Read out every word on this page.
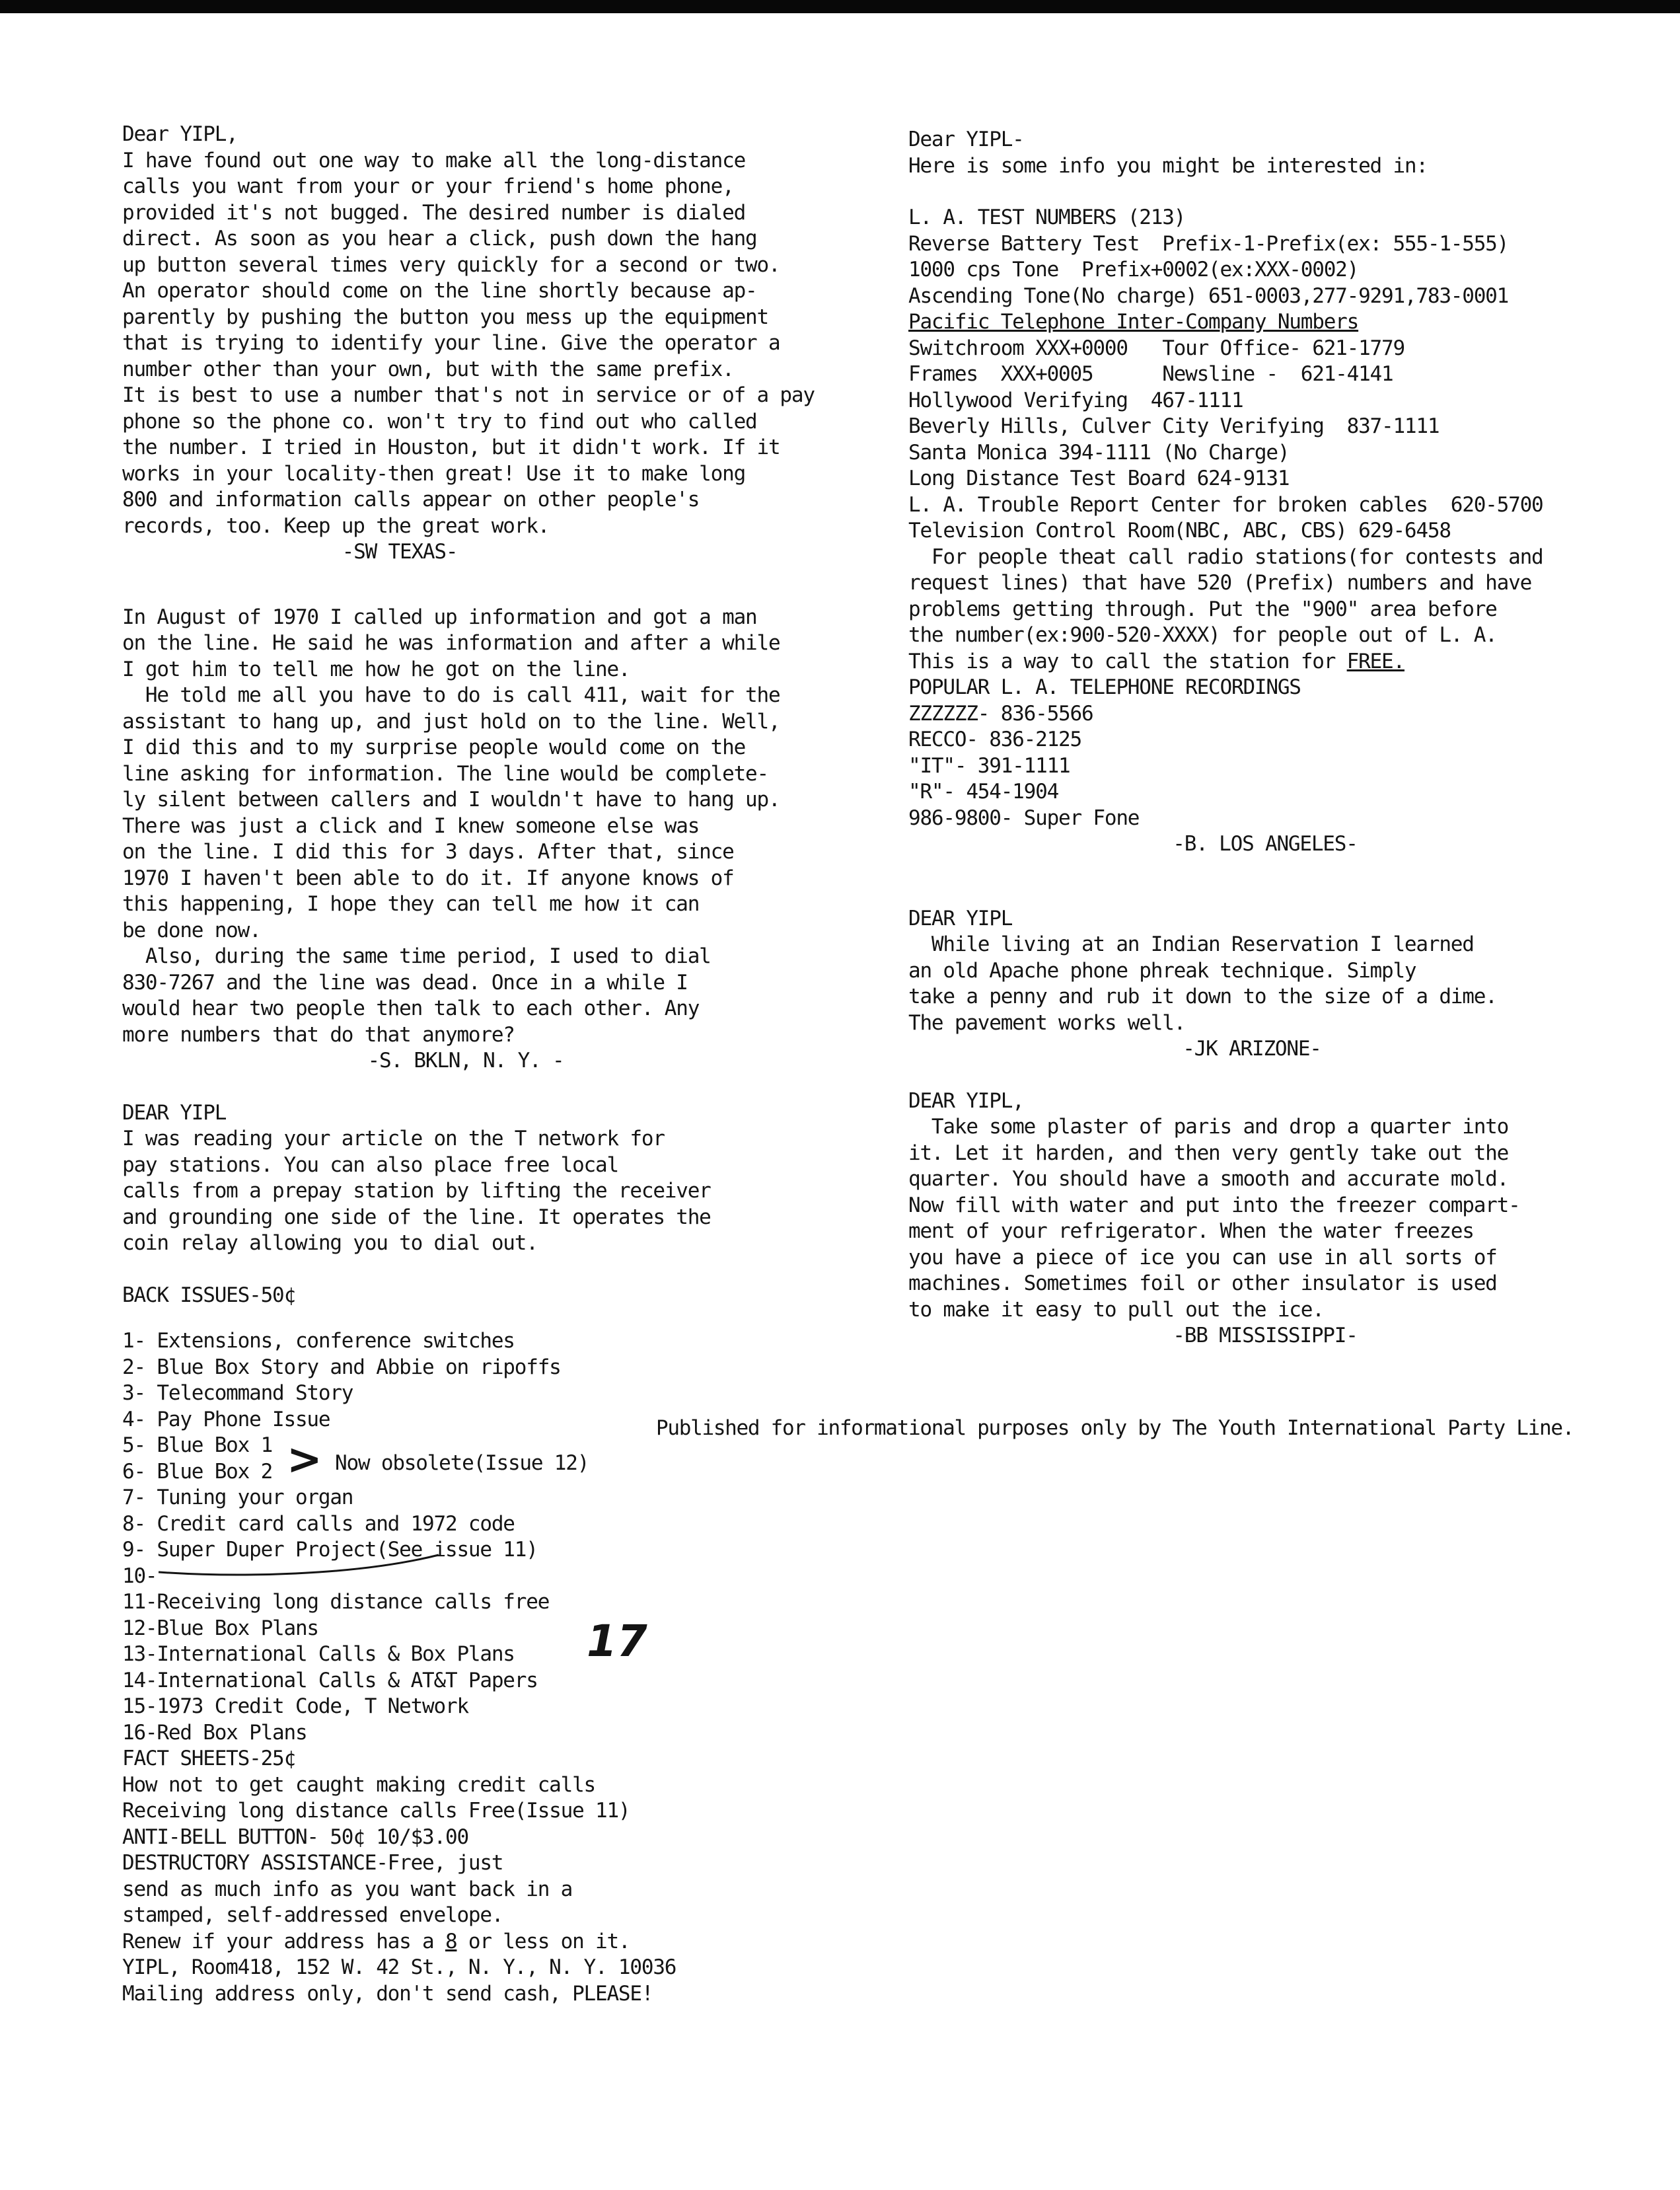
Dear YIPL,
I have found out one way to make all the long-distance
calls you want from your or your friend's home phone,
provided it's not bugged. The desired number is dialed
direct. As soon as you hear a click, push down the hang
up button several times very quickly for a second or two.
An operator should come on the line shortly because ap-
parently by pushing the button you mess up the equipment
that is trying to identify your line. Give the operator a
number other than your own, but with the same prefix.
It is best to use a number that's not in service or of a pay
phone so the phone co. won't try to find out who called
the number. I tried in Houston, but it didn't work. If it
works in your locality-then great! Use it to make long
800 and information calls appear on other people's
records, too. Keep up the great work.
-SW TEXAS-
In August of 1970 I called up information and got a man
on the line. He said he was information and after a while
I got him to tell me how he got on the line.
He told me all you have to do is call 411, wait for the
assistant to hang up, and just hold on to the line. Well,
I did this and to my surprise people would come on the
line asking for information. The line would be complete-
ly silent between callers and I wouldn't have to hang up.
There was just a click and I knew someone else was
on the line. I did this for 3 days. After that, since
1970 I haven't been able to do it. If anyone knows of
this happening, I hope they can tell me how it can
be done now.
Also, during the same time period, I used to dial
830-7267 and the line was dead. Once in a while I
would hear two people then talk to each other. Any
more numbers that do that anymore?
-S. BKLN, N. Y. -
DEAR YIPL
I was reading your article on the T network for
pay stations. You can also place free local
calls from a prepay station by lifting the receiver
and grounding one side of the line. It operates the
coin relay allowing you to dial out.
BACK ISSUES-50¢
1- Extensions, conference switches
2- Blue Box Story and Abbie on ripoffs
3- Telecommand Story
4- Pay Phone Issue
5- Blue Box 1
6- Blue Box 2
7- Tuning your organ
8- Credit card calls and 1972 code
9- Super Duper Project(See issue 11)
10-
11-Receiving long distance calls free
12-Blue Box Plans
13-International Calls & Box Plans
14-International Calls & AT&T Papers
15-1973 Credit Code, T Network
16-Red Box Plans
FACT SHEETS-25¢
How not to get caught making credit calls
Receiving long distance calls Free(Issue 11)
ANTI-BELL BUTTON- 50¢ 10/$3.00
DESTRUCTORY ASSISTANCE-Free, just
send as much info as you want back in a
stamped, self-addressed envelope.
Renew if your address has a 8 or less on it.
YIPL, Room418, 152 W. 42 St., N. Y., N. Y. 10036
Mailing address only, don't send cash, PLEASE!
> Now obsolete(Issue 12)
17
Dear YIPL-
Here is some info you might be interested in:
L. A. TEST NUMBERS (213)
Reverse Battery Test  Prefix-1-Prefix(ex: 555-1-555)
1000 cps Tone  Prefix+0002(ex:XXX-0002)
Ascending Tone(No charge) 651-0003,277-9291,783-0001
Pacific Telephone Inter-Company Numbers
Switchroom XXX+0000   Tour Office- 621-1779
Frames  XXX+0005      Newsline -  621-4141
Hollywood Verifying  467-1111
Beverly Hills, Culver City Verifying  837-1111
Santa Monica 394-1111 (No Charge)
Long Distance Test Board 624-9131
L. A. Trouble Report Center for broken cables  620-5700
Television Control Room(NBC, ABC, CBS) 629-6458
For people theat call radio stations(for contests and
request lines) that have 520 (Prefix) numbers and have
problems getting through. Put the "900" area before
the number(ex:900-520-XXXX) for people out of L. A.
This is a way to call the station for FREE.
POPULAR L. A. TELEPHONE RECORDINGS
ZZZZZZ- 836-5566
RECCO- 836-2125
"IT"- 391-1111
"R"- 454-1904
986-9800- Super Fone
-B. LOS ANGELES-
DEAR YIPL
While living at an Indian Reservation I learned
an old Apache phone phreak technique. Simply
take a penny and rub it down to the size of a dime.
The pavement works well.
-JK ARIZONE-
DEAR YIPL,
Take some plaster of paris and drop a quarter into
it. Let it harden, and then very gently take out the
quarter. You should have a smooth and accurate mold.
Now fill with water and put into the freezer compart-
ment of your refrigerator. When the water freezes
you have a piece of ice you can use in all sorts of
machines. Sometimes foil or other insulator is used
to make it easy to pull out the ice.
-BB MISSISSIPPI-
Published for informational purposes only by The Youth International Party Line.
